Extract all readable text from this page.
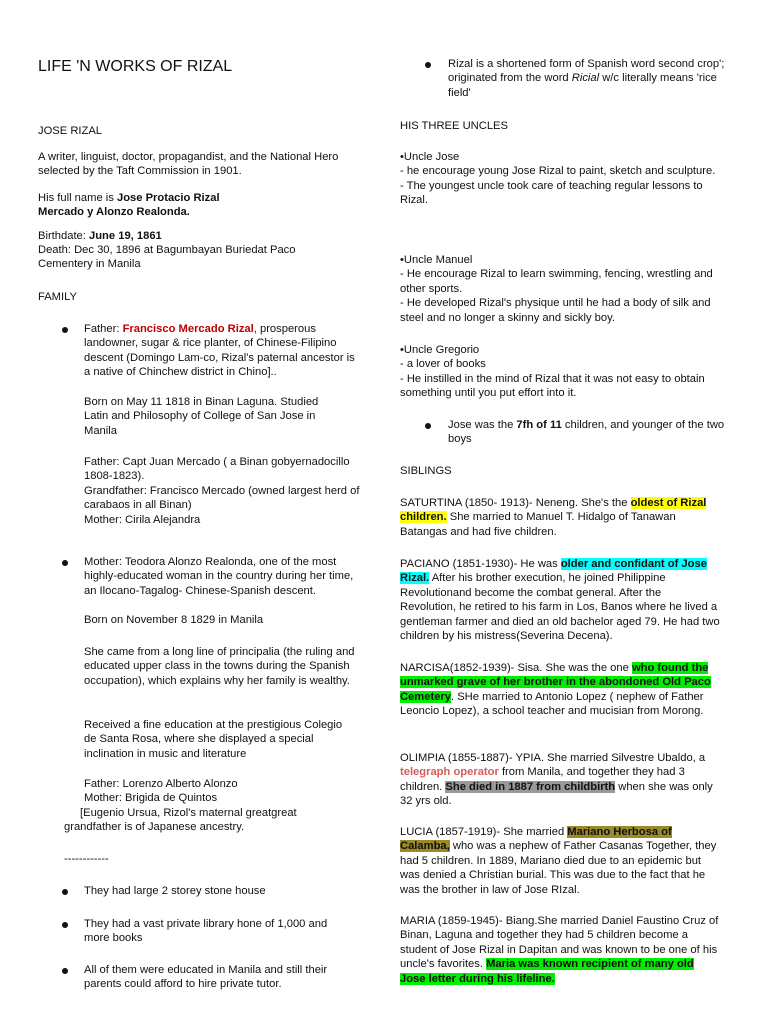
LIFE 'N WORKS OF RIZAL
JOSE RIZAL
A writer, linguist, doctor, propagandist, and the National Hero selected by the Taft Commission in 1901.
His full name is Jose Protacio Rizal
Mercado y Alonzo Realonda.
Birthdate: June 19, 1861
Death: Dec 30, 1896 at Bagumbayan Buriedat Paco Cementery in Manila
FAMILY
Father: Francisco Mercado Rizal, prosperous landowner, sugar & rice planter, of Chinese-Filipino descent (Domingo Lam-co, Rizal's paternal ancestor is a native of Chinchew district in Chino]..
Born on May 11 1818 in Binan Laguna. Studied Latin and Philosophy of College of San Jose in Manila
Father: Capt Juan Mercado ( a Binan gobyernadocillo 1808-1823).
Grandfather: Francisco Mercado (owned largest herd of carabaos in all Binan)
Mother: Cirila Alejandra
Mother: Teodora Alonzo Realonda, one of the most highly-educated woman in the country during her time, an Ilocano-Tagalog- Chinese-Spanish descent.
Born on November 8 1829 in Manila
She came from a long line of principalia (the ruling and educated upper class in the towns during the Spanish occupation), which explains why her family is wealthy.
Received a fine education at the prestigious Colegio de Santa Rosa, where she displayed a special inclination in music and literature
Father: Lorenzo Alberto Alonzo
Mother: Brigida de Quintos
[Eugenio Ursua, Rizol's maternal greatgreat
grandfather is of Japanese ancestry.
------------
They had large 2 storey stone house
They had a vast private library hone of 1,000 and more books
All of them were educated in Manila and still their parents could afford to hire private tutor.
Rizal is a shortened form of Spanish word second crop'; originated from the word Ricial w/c literally means 'rice field'
HIS THREE UNCLES
•Uncle Jose
- he encourage young Jose Rizal to paint, sketch and sculpture.
- The youngest uncle took care of teaching regular lessons to Rizal.
•Uncle Manuel
- He encourage Rizal to learn swimming, fencing, wrestling and other sports.
- He developed Rizal's physique until he had a body of silk and steel and no longer a skinny and sickly boy.
•Uncle Gregorio
- a lover of books
- He instilled in the mind of Rizal that it was not easy to obtain something until you put effort into it.
Jose was the 7fh of 11 children, and younger of the two boys
SIBLINGS
SATURTINA (1850- 1913)- Neneng. She's the oldest of Rizal children. She married to Manuel T. Hidalgo of Tanawan Batangas and had five children.
PACIANO (1851-1930)- He was older and confidant of Jose Rizal. After his brother execution, he joined Philippine Revolutionand become the combat general. After the Revolution, he retired to his farm in Los, Banos where he lived a gentleman farmer and died an old bachelor aged 79. He had two children by his mistress(Severina Decena).
NARCISA(1852-1939)- Sisa. She was the one who found the unmarked grave of her brother in the abondoned Old Paco Cemetery. SHe married to Antonio Lopez ( nephew of Father Leoncio Lopez), a school teacher and mucisian from Morong.
OLIMPIA (1855-1887)- YPIA. She married Silvestre Ubaldo, a telegraph operator from Manila, and together they had 3 children. She died in 1887 from childbirth when she was only 32 yrs old.
LUCIA (1857-1919)- She married Mariano Herbosa of Calamba, who was a nephew of Father Casanas Together, they had 5 children. In 1889, Mariano died due to an epidemic but was denied a Christian burial. This was due to the fact that he was the brother in law of Jose RIzal.
MARIA (1859-1945)- Biang.She married Daniel Faustino Cruz of Binan, Laguna and together they had 5 children become a student of Jose Rizal in Dapitan and was known to be one of his uncle's favorites. Maria was known recipient of many old Jose letter during his lifeline.
